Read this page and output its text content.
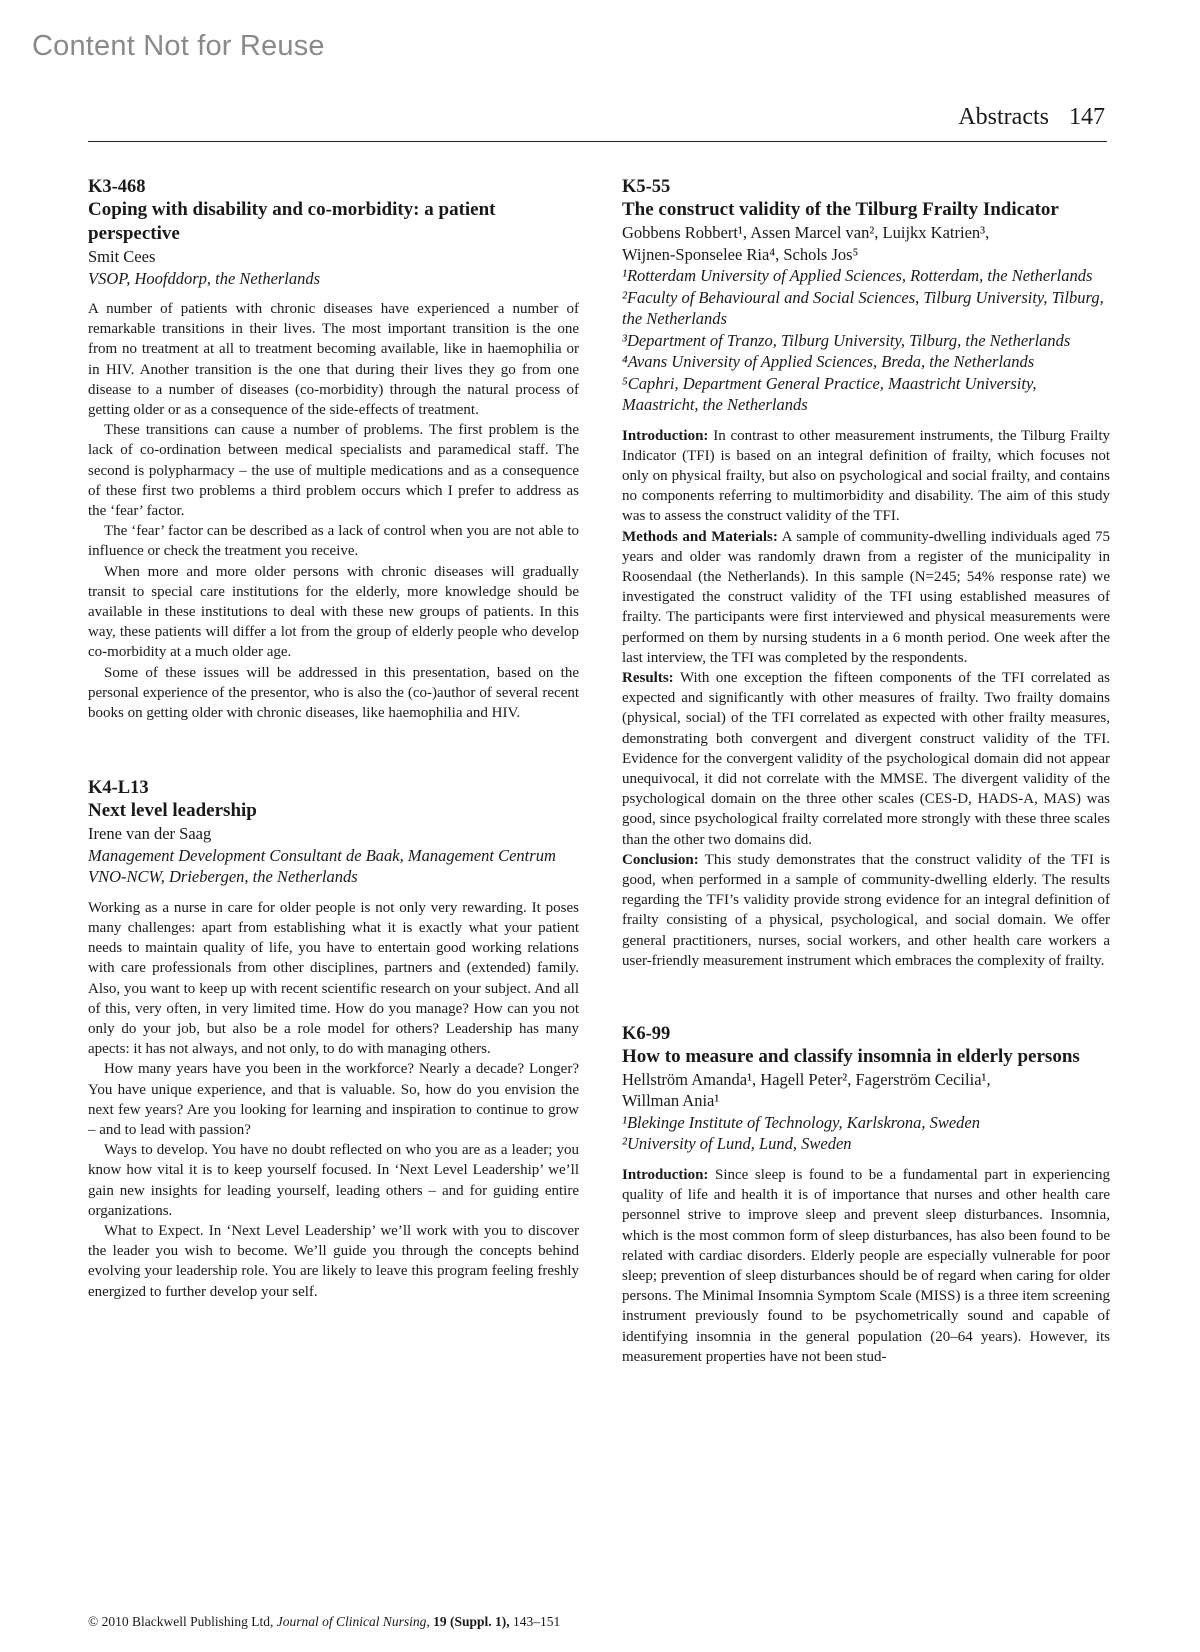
Content Not for Reuse
Abstracts 147
K3-468
Coping with disability and co-morbidity: a patient perspective
Smit Cees
VSOP, Hoofddorp, the Netherlands

A number of patients with chronic diseases have experienced a number of remarkable transitions in their lives. The most important transition is the one from no treatment at all to treatment becoming available, like in haemophilia or in HIV. Another transition is the one that during their lives they go from one disease to a number of diseases (co-morbidity) through the natural process of getting older or as a consequence of the side-effects of treatment.

These transitions can cause a number of problems. The first problem is the lack of co-ordination between medical specialists and paramedical staff. The second is polypharmacy – the use of multiple medications and as a consequence of these first two problems a third problem occurs which I prefer to address as the ‘fear’ factor.

The ‘fear’ factor can be described as a lack of control when you are not able to influence or check the treatment you receive.

When more and more older persons with chronic diseases will gradually transit to special care institutions for the elderly, more knowledge should be available in these institutions to deal with these new groups of patients. In this way, these patients will differ a lot from the group of elderly people who develop co-morbidity at a much older age.

Some of these issues will be addressed in this presentation, based on the personal experience of the presentor, who is also the (co-)author of several recent books on getting older with chronic diseases, like haemophilia and HIV.

K4-L13
Next level leadership
Irene van der Saag
Management Development Consultant de Baak, Management Centrum VNO-NCW, Driebergen, the Netherlands

Working as a nurse in care for older people is not only very rewarding. It poses many challenges: apart from establishing what it is exactly what your patient needs to maintain quality of life, you have to entertain good working relations with care professionals from other disciplines, partners and (extended) family. Also, you want to keep up with recent scientific research on your subject. And all of this, very often, in very limited time. How do you manage? How can you not only do your job, but also be a role model for others? Leadership has many apects: it has not always, and not only, to do with managing others.

How many years have you been in the workforce? Nearly a decade? Longer? You have unique experience, and that is valuable. So, how do you envision the next few years? Are you looking for learning and inspiration to continue to grow – and to lead with passion?

Ways to develop. You have no doubt reflected on who you are as a leader; you know how vital it is to keep yourself focused. In ‘Next Level Leadership’ we’ll gain new insights for leading yourself, leading others – and for guiding entire organizations.

What to Expect. In ‘Next Level Leadership’ we’ll work with you to discover the leader you wish to become. We’ll guide you through the concepts behind evolving your leadership role. You are likely to leave this program feeling freshly energized to further develop your self.

K5-55
The construct validity of the Tilburg Frailty Indicator
Gobbens Robbert¹, Assen Marcel van², Luijkx Katrien³,
Wijnen-Sponselee Ria⁴, Schols Jos⁵
¹Rotterdam University of Applied Sciences, Rotterdam, the Netherlands
²Faculty of Behavioural and Social Sciences, Tilburg University, Tilburg, the Netherlands
³Department of Tranzo, Tilburg University, Tilburg, the Netherlands
⁴Avans University of Applied Sciences, Breda, the Netherlands
⁵Caphri, Department General Practice, Maastricht University, Maastricht, the Netherlands

Introduction: In contrast to other measurement instruments, the Tilburg Frailty Indicator (TFI) is based on an integral definition of frailty, which focuses not only on physical frailty, but also on psychological and social frailty, and contains no components referring to multimorbidity and disability. The aim of this study was to assess the construct validity of the TFI.

Methods and Materials: A sample of community-dwelling individuals aged 75 years and older was randomly drawn from a register of the municipality in Roosendaal (the Netherlands). In this sample (N=245; 54% response rate) we investigated the construct validity of the TFI using established measures of frailty. The participants were first interviewed and physical measurements were performed on them by nursing students in a 6 month period. One week after the last interview, the TFI was completed by the respondents.

Results: With one exception the fifteen components of the TFI correlated as expected and significantly with other measures of frailty. Two frailty domains (physical, social) of the TFI correlated as expected with other frailty measures, demonstrating both convergent and divergent construct validity of the TFI. Evidence for the convergent validity of the psychological domain did not appear unequivocal, it did not correlate with the MMSE. The divergent validity of the psychological domain on the three other scales (CES-D, HADS-A, MAS) was good, since psychological frailty correlated more strongly with these three scales than the other two domains did.

Conclusion: This study demonstrates that the construct validity of the TFI is good, when performed in a sample of community-dwelling elderly. The results regarding the TFI’s validity provide strong evidence for an integral definition of frailty consisting of a physical, psychological, and social domain. We offer general practitioners, nurses, social workers, and other health care workers a user-friendly measurement instrument which embraces the complexity of frailty.

K6-99
How to measure and classify insomnia in elderly persons
Hellström Amanda¹, Hagell Peter², Fagerström Cecilia¹,
Willman Ania¹
¹Blekinge Institute of Technology, Karlskrona, Sweden
²University of Lund, Lund, Sweden

Introduction: Since sleep is found to be a fundamental part in experiencing quality of life and health it is of importance that nurses and other health care personnel strive to improve sleep and prevent sleep disturbances. Insomnia, which is the most common form of sleep disturbances, has also been found to be related with cardiac disorders. Elderly people are especially vulnerable for poor sleep; prevention of sleep disturbances should be of regard when caring for older persons. The Minimal Insomnia Symptom Scale (MISS) is a three item screening instrument previously found to be psychometrically sound and capable of identifying insomnia in the general population (20–64 years). However, its measurement properties have not been stud-

© 2010 Blackwell Publishing Ltd, Journal of Clinical Nursing, 19 (Suppl. 1), 143–151
